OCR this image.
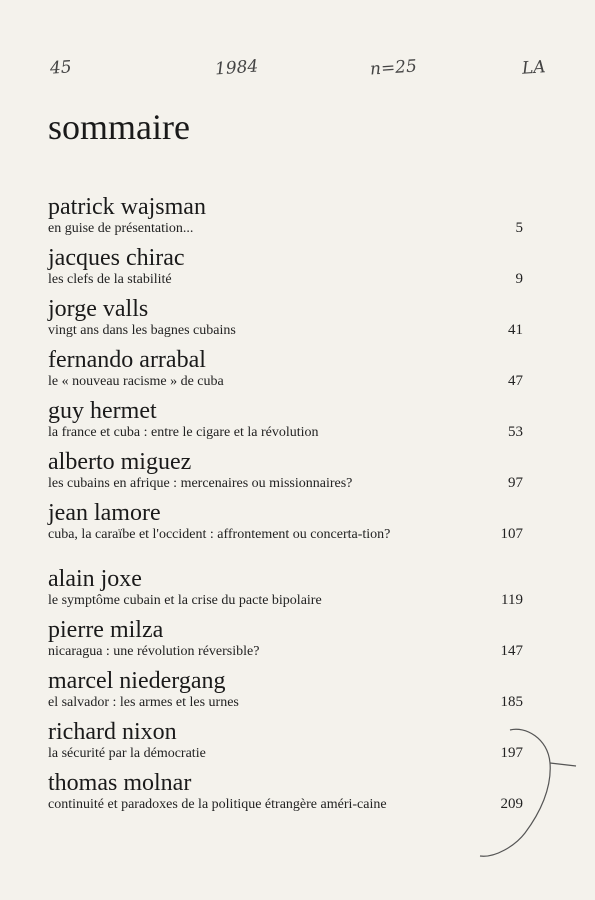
45	1984	n=25	LA
sommaire
patrick wajsman
en guise de présentation...	5
jacques chirac
les clefs de la stabilité	9
jorge valls
vingt ans dans les bagnes cubains	41
fernando arrabal
le « nouveau racisme » de cuba	47
guy hermet
la france et cuba : entre le cigare et la révolution	53
alberto miguez
les cubains en afrique : mercenaires ou missionnaires?	97
jean lamore
cuba, la caraïbe et l'occident : affrontement ou concerta-tion?	107
alain joxe
le symptôme cubain et la crise du pacte bipolaire	119
pierre milza
nicaragua : une révolution réversible?	147
marcel niedergang
el salvador : les armes et les urnes	185
richard nixon
la sécurité par la démocratie	197
thomas molnar
continuité et paradoxes de la politique étrangère améri-caine	209
